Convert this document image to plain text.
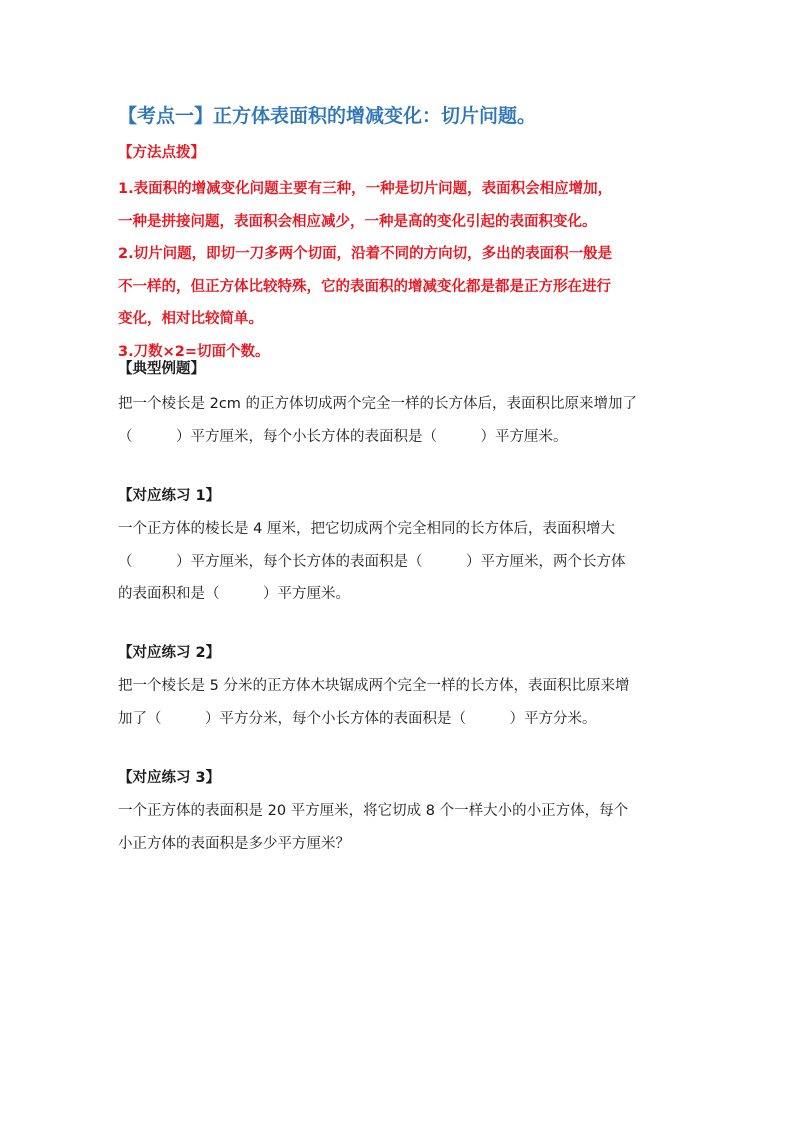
【考点一】正方体表面积的增减变化：切片问题。
【方法点拨】

1.表面积的增减变化问题主要有三种，一种是切片问题，表面积会相应增加，

一种是拼接问题，表面积会相应减少，一种是高的变化引起的表面积变化。

2.切片问题，即切一刀多两个切面，沿着不同的方向切，多出的表面积一般是

不一样的，但正方体比较特殊，它的表面积的增减变化都是都是正方形在进行

变化，相对比较简单。

3.刀数×2=切面个数。

【典型例题】

把一个棱长是 2cm 的正方体切成两个完全一样的长方体后，表面积比原来增加了

（　　　）平方厘米，每个小长方体的表面积是（　　　）平方厘米。

【对应练习 1】

一个正方体的棱长是 4 厘米，把它切成两个完全相同的长方体后，表面积增大

（　　　）平方厘米，每个长方体的表面积是（　　　）平方厘米，两个长方体

的表面积和是（　　　）平方厘米。

【对应练习 2】

把一个棱长是 5 分米的正方体木块锯成两个完全一样的长方体，表面积比原来增

加了（　　　）平方分米，每个小长方体的表面积是（　　　）平方分米。

【对应练习 3】

一个正方体的表面积是 20 平方厘米，将它切成 8 个一样大小的小正方体，每个

小正方体的表面积是多少平方厘米？
